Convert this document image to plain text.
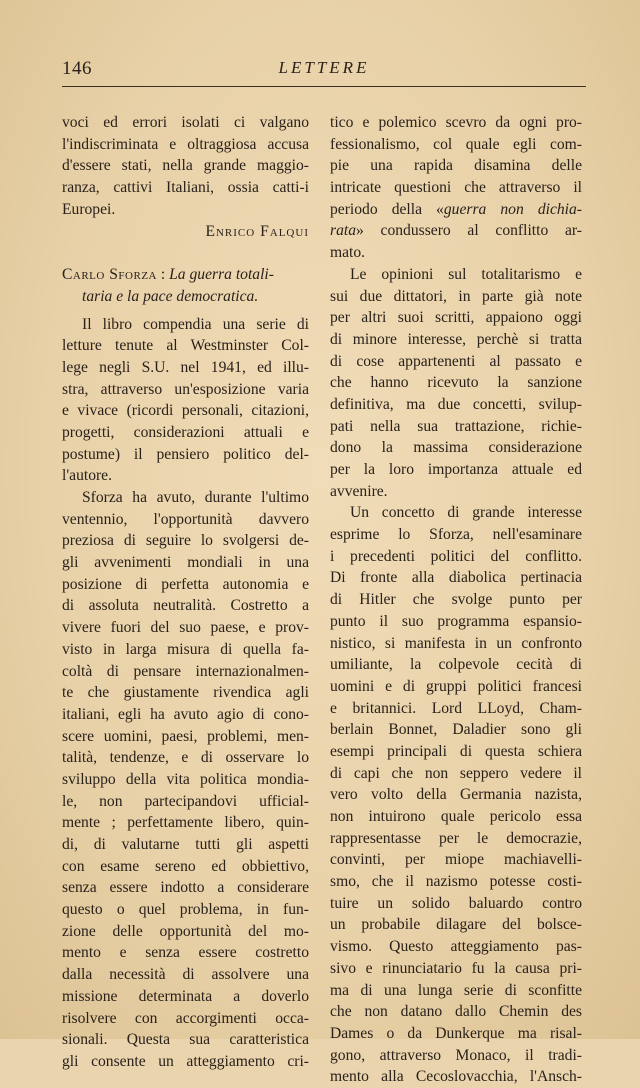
146	LETTERE
voci ed errori isolati ci valgano
l'indiscriminata e oltraggiosa accusa
d'essere stati, nella grande maggio-
ranza, cattivi Italiani, ossia catti-i
Europei.
Enrico Falqui
Carlo Sforza : La guerra totali-
taria e la pace democratica.
Il libro compendia una serie di
letture tenute al Westminster Col-
lege negli S.U. nel 1941, ed illu-
stra, attraverso un'esposizione varia
e vivace (ricordi personali, citazioni,
progetti, considerazioni attuali e
postume) il pensiero politico del-
l'autore.
Sforza ha avuto, durante l'ultimo
ventennio, l'opportunità davvero
preziosa di seguire lo svolgersi de-
gli avvenimenti mondiali in una
posizione di perfetta autonomia e
di assoluta neutralità. Costretto a
vivere fuori del suo paese, e prov-
visto in larga misura di quella fa-
coltà di pensare internazionalmen-
te che giustamente rivendica agli
italiani, egli ha avuto agio di cono-
scere uomini, paesi, problemi, men-
talità, tendenze, e di osservare lo
sviluppo della vita politica mondia-
le, non partecipandovi ufficial-
mente ; perfettamente libero, quin-
di, di valutarne tutti gli aspetti
con esame sereno ed obbiettivo,
senza essere indotto a considerare
questo o quel problema, in fun-
zione delle opportunità del mo-
mento e senza essere costretto
dalla necessità di assolvere una
missione determinata a doverlo
risolvere con accorgimenti occa-
sionali. Questa sua caratteristica
gli consente un atteggiamento cri-
tico e polemico scevro da ogni pro-
fessionalismo, col quale egli com-
pie una rapida disamina delle
intricate questioni che attraverso il
periodo della «guerra non dichia-
rata» condussero al conflitto ar-
mato.
Le opinioni sul totalitarismo e
sui due dittatori, in parte già note
per altri suoi scritti, appaiono oggi
di minore interesse, perchè si tratta
di cose appartenenti al passato e
che hanno ricevuto la sanzione
definitiva, ma due concetti, svilup-
pati nella sua trattazione, richie-
dono la massima considerazione
per la loro importanza attuale ed
avvenire.
Un concetto di grande interesse
esprime lo Sforza, nell'esaminare
i precedenti politici del conflitto.
Di fronte alla diabolica pertinacia
di Hitler che svolge punto per
punto il suo programma espansio-
nistico, si manifesta in un confronto
umiliante, la colpevole cecità di
uomini e di gruppi politici francesi
e britannici. Lord LLoyd, Cham-
berlain Bonnet, Daladier sono gli
esempi principali di questa schiera
di capi che non seppero vedere il
vero volto della Germania nazista,
non intuirono quale pericolo essa
rappresentasse per le democrazie,
convinti, per miope machiavelli-
smo, che il nazismo potesse costi-
tuire un solido baluardo contro
un probabile dilagare del bolsce-
vismo. Questo atteggiamento pas-
sivo e rinunciatario fu la causa pri-
ma di una lunga serie di sconfitte
che non datano dallo Chemin des
Dames o da Dunkerque ma risal-
gono, attraverso Monaco, il tradi-
mento alla Cecoslovacchia, l'Ansch-
